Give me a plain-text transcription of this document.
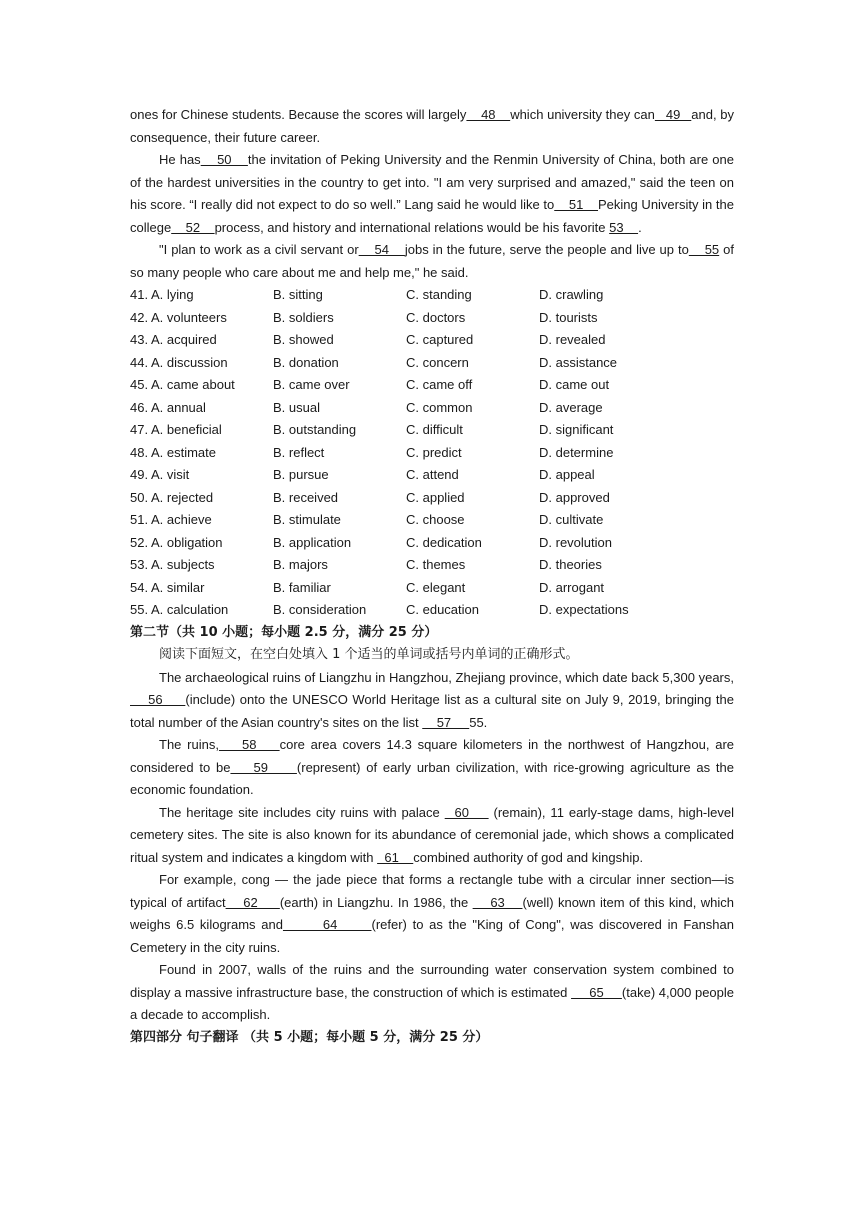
ones for Chinese students. Because the scores will largely    48    which university they can   49   and, by consequence, their future career.

He has    50    the invitation of Peking University and the Renmin University of China, both are one of the hardest universities in the country to get into. "I am very surprised and amazed," said the teen on his score. “I really did not expect to do so well.” Lang said he would like to    51    Peking University in the college    52    process, and history and international relations would be his favorite 53    .

"I plan to work as a civil servant or    54    jobs in the future, serve the people and live up to    55 of so many people who care about me and help me," he said.

41. A. lying	B. sitting	C. standing	D. crawling
42. A. volunteers	B. soldiers	C. doctors	D. tourists
43. A. acquired	B. showed	C. captured	D. revealed
44. A. discussion	B. donation	C. concern	D. assistance
45. A. came about	B. came over	C. came off	D. came out
46. A. annual	B. usual	C. common	D. average
47. A. beneficial	B. outstanding	C. difficult	D. significant
48. A. estimate	B. reflect	C. predict	D. determine
49. A. visit	B. pursue	C. attend	D. appeal
50. A. rejected	B. received	C. applied	D. approved
51. A. achieve	B. stimulate	C. choose	D. cultivate
52. A. obligation	B. application	C. dedication	D. revolution
53. A. subjects	B. majors	C. themes	D. theories
54. A. similar	B. familiar	C. elegant	D. arrogant
55. A. calculation	B. consideration	C. education	D. expectations

第二节（共 10 小题；每小题 2.5 分，满分 25 分）

阅读下面短文，在空白处填入 1 个适当的单词或括号内单词的正确形式。

The archaeological ruins of Liangzhu in Hangzhou, Zhejiang province, which date back 5,300 years,     56     (include) onto the UNESCO World Heritage list as a cultural site on July 9, 2019, bringing the total number of the Asian country's sites on the list     57     55.

The ruins,    58    core area covers 14.3 square kilometers in the northwest of Hangzhou, are considered to be    59     (represent) of early urban civilization, with rice-growing agriculture as the economic foundation.

The heritage site includes city ruins with palace   60     (remain), 11 early-stage dams, high-level cemetery sites. The site is also known for its abundance of ceremonial jade, which shows a complicated ritual system and indicates a kingdom with   61    combined authority of god and kingship.

For example, cong — the jade piece that forms a rectangle tube with a circular inner section—is typical of artifact    62     (earth) in Liangzhu. In 1986, the     63    (well) known item of this kind, which weighs 6.5 kilograms and       64      (refer) to as the "King of Cong", was discovered in Fanshan Cemetery in the city ruins.

Found in 2007, walls of the ruins and the surrounding water conservation system combined to display a massive infrastructure base, the construction of which is estimated      65     (take) 4,000 people a decade to accomplish.

第四部分 句子翻译 （共 5 小题；每小题 5 分，满分 25 分）
